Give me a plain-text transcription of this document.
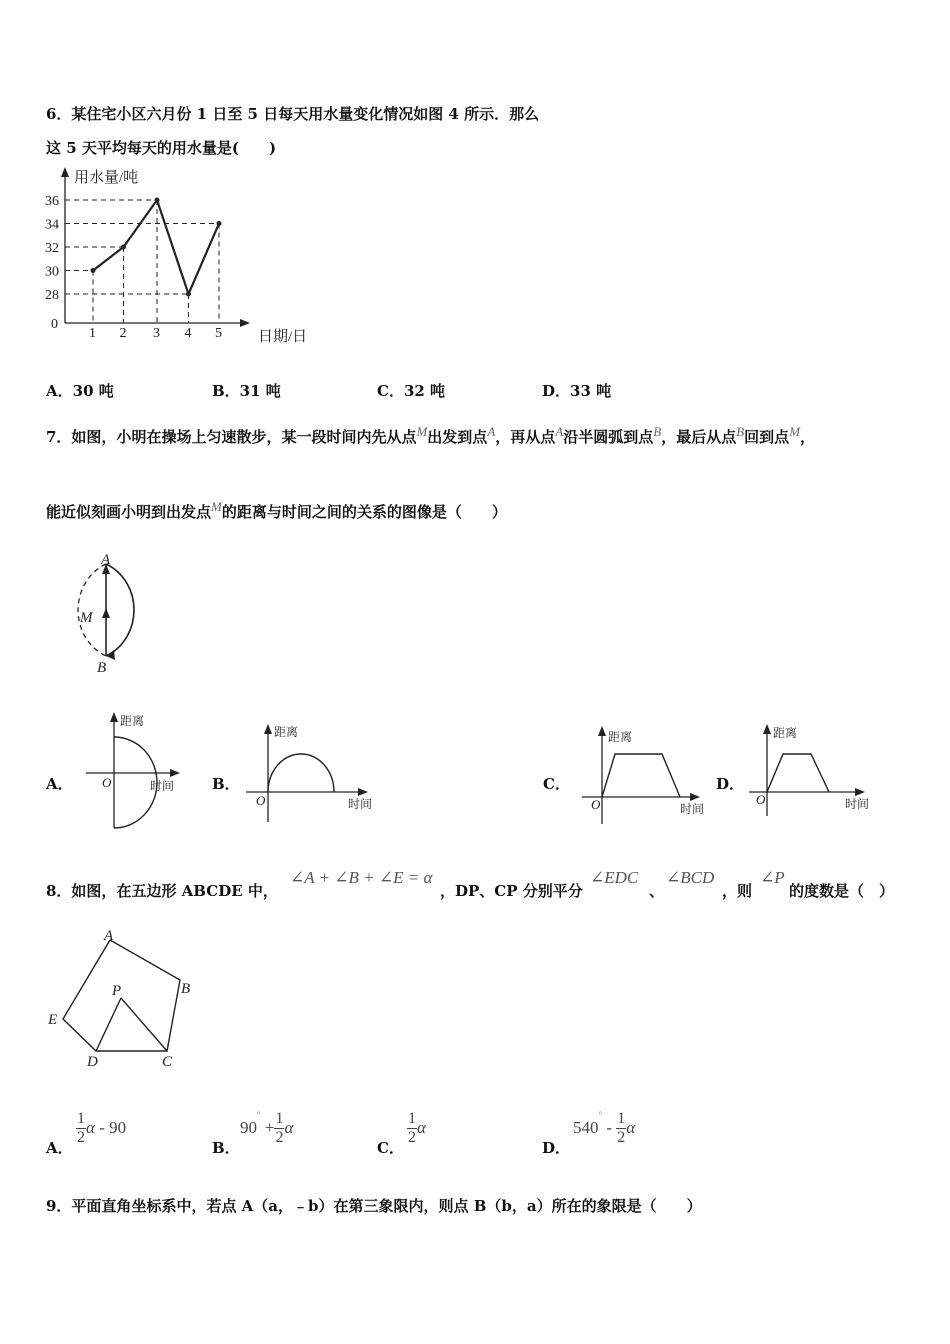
6．某住宅小区六月份 1 日至 5 日每天用水量变化情况如图 4 所示．那么
这 5 天平均每天的用水量是(　　)
36
34
32
30
28
0
1 2 3 4 5
用水量/吨
日期/日
A．30 吨	B．31 吨	C．32 吨	D．33 吨
7．如图，小明在操场上匀速散步，某一段时间内先从点M出发到点A，再从点A沿半圆弧到点B，最后从点B回到点M，
能近似刻画小明到出发点M的距离与时间之间的关系的图像是（　　）
A
M
B
A．
距离
时间
O	B．
距离
时间
O
C．
距离
时间
O
D．
距离
时间
O
8．如图，在五边形 ABCDE 中，
∠A + ∠B + ∠E = α
，DP、CP 分别平分
∠EDC
、
∠BCD
，则
∠P
的度数是（　）
A
B
C
D
E
P
A．
$\frac{1}{2}$ α - 90
B．
$90^\circ + \frac{1}{2}$ α
C．
$\frac{1}{2}$ α
D．
$540^\circ - \frac{1}{2}$ α
9．平面直角坐标系中，若点 A（a，﹣b）在第三象限内，则点 B（b，a）所在的象限是（　　）
